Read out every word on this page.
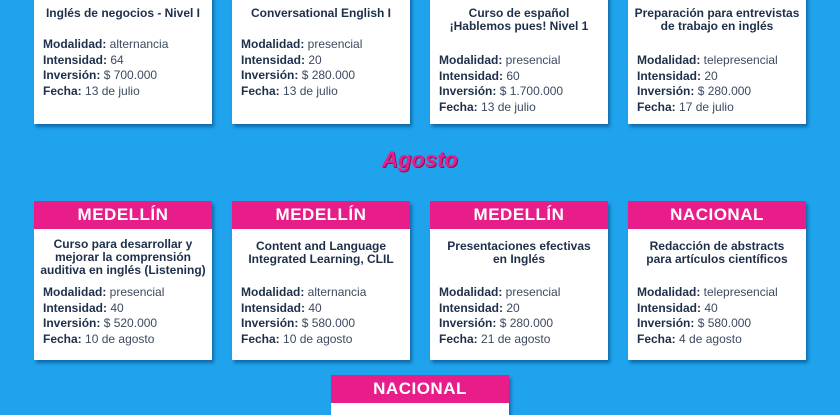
Inglés de negocios - Nivel I
Modalidad: alternancia
Intensidad: 64
Inversión: $ 700.000
Fecha: 13 de julio
Conversational English I
Modalidad: presencial
Intensidad: 20
Inversión: $ 280.000
Fecha: 13 de julio
Curso de español
¡Hablemos pues! Nivel 1
Modalidad: presencial
Intensidad: 60
Inversión: $ 1.700.000
Fecha: 13 de julio
Preparación para entrevistas
de trabajo en inglés
Modalidad: telepresencial
Intensidad: 20
Inversión: $ 280.000
Fecha: 17 de julio
Agosto
MEDELLÍN
Curso para desarrollar y
mejorar la comprensión
auditiva en inglés (Listening)
Modalidad: presencial
Intensidad: 40
Inversión: $ 520.000
Fecha: 10 de agosto
MEDELLÍN
Content and Language
Integrated Learning, CLIL
Modalidad: alternancia
Intensidad: 40
Inversión: $ 580.000
Fecha: 10 de agosto
MEDELLÍN
Presentaciones efectivas
en Inglés
Modalidad: presencial
Intensidad: 20
Inversión: $ 280.000
Fecha: 21 de agosto
NACIONAL
Redacción de abstracts
para artículos científicos
Modalidad: telepresencial
Intensidad: 40
Inversión: $ 580.000
Fecha: 4 de agosto
NACIONAL
